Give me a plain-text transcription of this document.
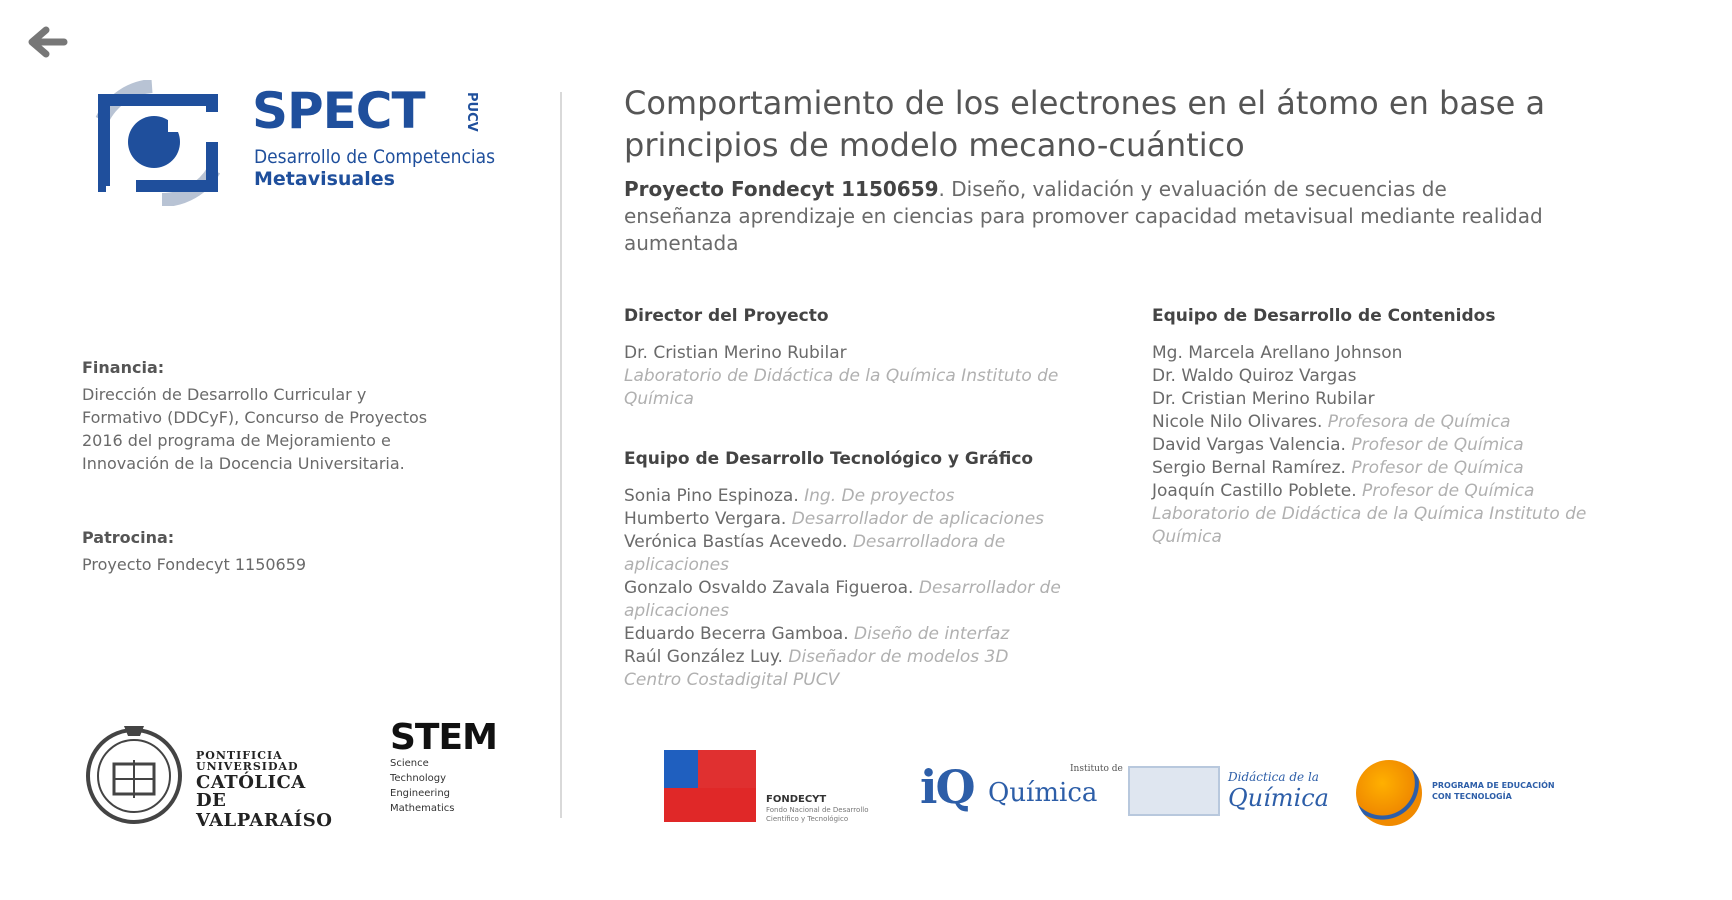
SPECT	PUCV
Desarrollo de Competencias
Metavisuales
Financia:
Dirección de Desarrollo Curricular y Formativo (DDCyF), Concurso de Proyectos 2016 del programa de Mejoramiento e Innovación de la Docencia Universitaria.
Patrocina:
Proyecto Fondecyt 1150659
PONTIFICIA
UNIVERSIDAD
CATÓLICA DE
VALPARAÍSO
STEM
Science
Technology
Engineering
Mathematics
Comportamiento de los electrones en el átomo en base a principios de modelo mecano-cuántico
Proyecto Fondecyt 1150659. Diseño, validación y evaluación de secuencias de enseñanza aprendizaje en ciencias para promover capacidad metavisual mediante realidad aumentada
Director del Proyecto
Dr. Cristian Merino Rubilar
Laboratorio de Didáctica de la Química Instituto de Química
Equipo de Desarrollo Tecnológico y Gráfico
Sonia Pino Espinoza. Ing. De proyectos
Humberto Vergara. Desarrollador de aplicaciones
Verónica Bastías Acevedo. Desarrolladora de aplicaciones
Gonzalo Osvaldo Zavala Figueroa. Desarrollador de aplicaciones
Eduardo Becerra Gamboa. Diseño de interfaz
Raúl González Luy. Diseñador de modelos 3D
Centro Costadigital PUCV
Equipo de Desarrollo de Contenidos
Mg. Marcela Arellano Johnson
Dr. Waldo Quiroz Vargas
Dr. Cristian Merino Rubilar
Nicole Nilo Olivares. Profesora de Química
David Vargas Valencia. Profesor de Química
Sergio Bernal Ramírez. Profesor de Química
Joaquín Castillo Poblete. Profesor de Química
Laboratorio de Didáctica de la Química Instituto de Química
FONDECYT
Fondo Nacional de Desarrollo Científico y Tecnológico
iQ Química
Instituto de
Didáctica de la
Química	PROGRAMA DE EDUCACIÓN CON TECNOLOGÍA
